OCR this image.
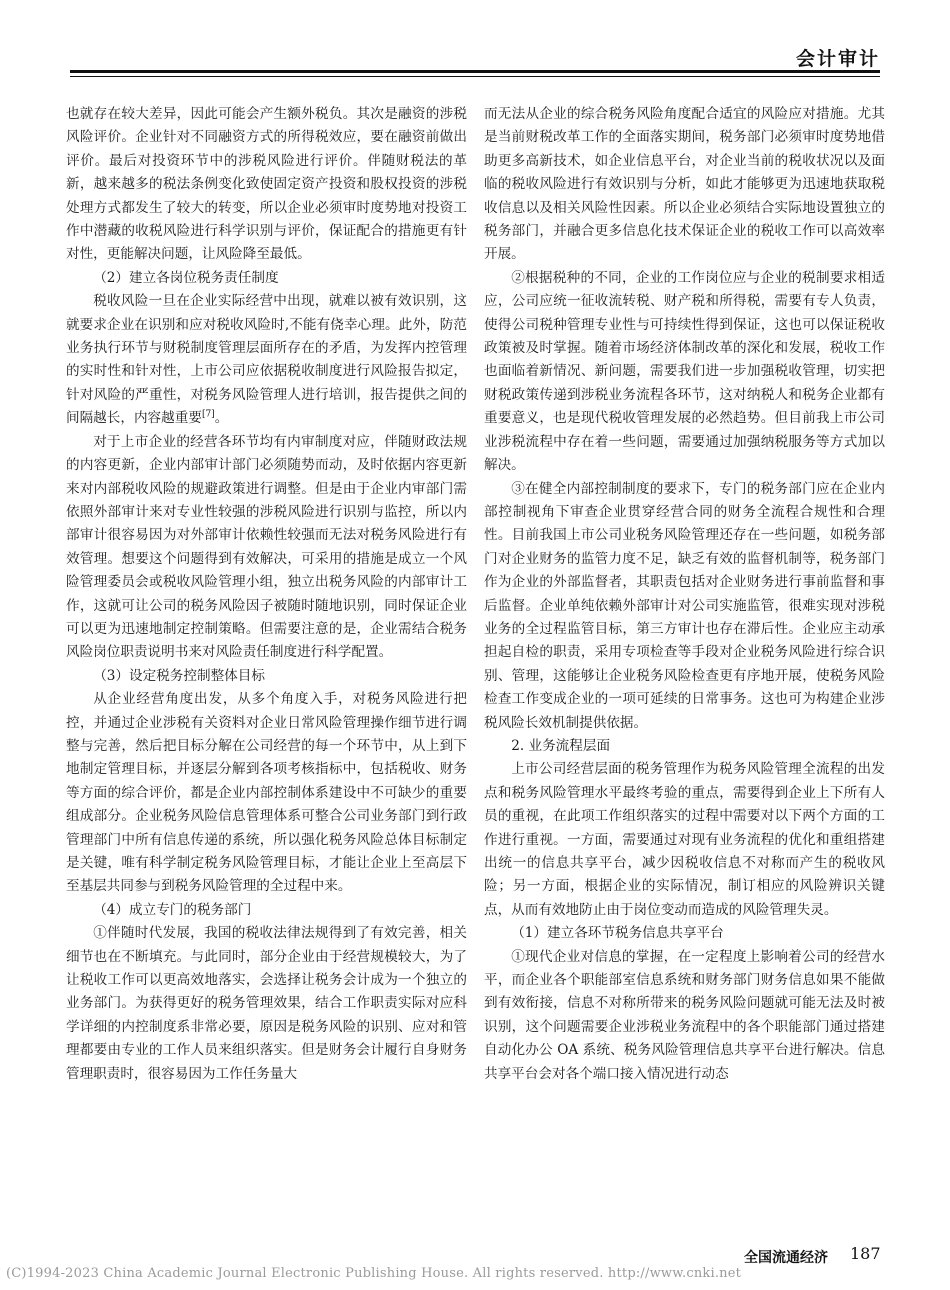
会计审计

也就存在较大差异，因此可能会产生额外税负。其次是融资的涉税风险评价。企业针对不同融资方式的所得税效应，要在融资前做出评价。最后对投资环节中的涉税风险进行评价。伴随财税法的革新，越来越多的税法条例变化致使固定资产投资和股权投资的涉税处理方式都发生了较大的转变，所以企业必须审时度势地对投资工作中潜藏的收税风险进行科学识别与评价，保证配合的措施更有针对性，更能解决问题，让风险降至最低。

（2）建立各岗位税务责任制度

税收风险一旦在企业实际经营中出现，就难以被有效识别，这就要求企业在识别和应对税收风险时,不能有侥幸心理。此外，防范业务执行环节与财税制度管理层面所存在的矛盾，为发挥内控管理的实时性和针对性，上市公司应依据税收制度进行风险报告拟定，针对风险的严重性，对税务风险管理人进行培训，报告提供之间的间隔越长，内容越重要[7]。

对于上市企业的经营各环节均有内审制度对应，伴随财政法规的内容更新，企业内部审计部门必须随势而动，及时依据内容更新来对内部税收风险的规避政策进行调整。但是由于企业内审部门需依照外部审计来对专业性较强的涉税风险进行识别与监控，所以内部审计很容易因为对外部审计依赖性较强而无法对税务风险进行有效管理。想要这个问题得到有效解决，可采用的措施是成立一个风险管理委员会或税收风险管理小组，独立出税务风险的内部审计工作，这就可让公司的税务风险因子被随时随地识别，同时保证企业可以更为迅速地制定控制策略。但需要注意的是，企业需结合税务风险岗位职责说明书来对风险责任制度进行科学配置。

（3）设定税务控制整体目标

从企业经营角度出发，从多个角度入手，对税务风险进行把控，并通过企业涉税有关资料对企业日常风险管理操作细节进行调整与完善，然后把目标分解在公司经营的每一个环节中，从上到下地制定管理目标，并逐层分解到各项考核指标中，包括税收、财务等方面的综合评价，都是企业内部控制体系建设中不可缺少的重要组成部分。企业税务风险信息管理体系可整合公司业务部门到行政管理部门中所有信息传递的系统，所以强化税务风险总体目标制定是关键，唯有科学制定税务风险管理目标，才能让企业上至高层下至基层共同参与到税务风险管理的全过程中来。

（4）成立专门的税务部门

①伴随时代发展，我国的税收法律法规得到了有效完善，相关细节也在不断填充。与此同时，部分企业由于经营规模较大，为了让税收工作可以更高效地落实，会选择让税务会计成为一个独立的业务部门。为获得更好的税务管理效果，结合工作职责实际对应科学详细的内控制度系非常必要，原因是税务风险的识别、应对和管理都要由专业的工作人员来组织落实。但是财务会计履行自身财务管理职责时，很容易因为工作任务量大

而无法从企业的综合税务风险角度配合适宜的风险应对措施。尤其是当前财税改革工作的全面落实期间，税务部门必须审时度势地借助更多高新技术，如企业信息平台，对企业当前的税收状况以及面临的税收风险进行有效识别与分析，如此才能够更为迅速地获取税收信息以及相关风险性因素。所以企业必须结合实际地设置独立的税务部门，并融合更多信息化技术保证企业的税收工作可以高效率开展。

②根据税种的不同，企业的工作岗位应与企业的税制要求相适应，公司应统一征收流转税、财产税和所得税，需要有专人负责，使得公司税种管理专业性与可持续性得到保证，这也可以保证税收政策被及时掌握。随着市场经济体制改革的深化和发展，税收工作也面临着新情况、新问题，需要我们进一步加强税收管理，切实把财税政策传递到涉税业务流程各环节，这对纳税人和税务企业都有重要意义，也是现代税收管理发展的必然趋势。但目前我上市公司业涉税流程中存在着一些问题，需要通过加强纳税服务等方式加以解决。

③在健全内部控制制度的要求下，专门的税务部门应在企业内部控制视角下审查企业贯穿经营合同的财务全流程合规性和合理性。目前我国上市公司业税务风险管理还存在一些问题，如税务部门对企业财务的监管力度不足，缺乏有效的监督机制等，税务部门作为企业的外部监督者，其职责包括对企业财务进行事前监督和事后监督。企业单纯依赖外部审计对公司实施监管，很难实现对涉税业务的全过程监管目标，第三方审计也存在滞后性。企业应主动承担起自检的职责，采用专项检查等手段对企业税务风险进行综合识别、管理，这能够让企业税务风险检查更有序地开展，使税务风险检查工作变成企业的一项可延续的日常事务。这也可为构建企业涉税风险长效机制提供依据。

2. 业务流程层面

上市公司经营层面的税务管理作为税务风险管理全流程的出发点和税务风险管理水平最终考验的重点，需要得到企业上下所有人员的重视，在此项工作组织落实的过程中需要对以下两个方面的工作进行重视。一方面，需要通过对现有业务流程的优化和重组搭建出统一的信息共享平台，减少因税收信息不对称而产生的税收风险；另一方面，根据企业的实际情况，制订相应的风险辨识关键点，从而有效地防止由于岗位变动而造成的风险管理失灵。

（1）建立各环节税务信息共享平台

①现代企业对信息的掌握，在一定程度上影响着公司的经营水平，而企业各个职能部室信息系统和财务部门财务信息如果不能做到有效衔接，信息不对称所带来的税务风险问题就可能无法及时被识别，这个问题需要企业涉税业务流程中的各个职能部门通过搭建自动化办公 OA 系统、税务风险管理信息共享平台进行解决。信息共享平台会对各个端口接入情况进行动态

全国流通经济 187
(C)1994-2023 China Academic Journal Electronic Publishing House. All rights reserved. http://www.cnki.net
